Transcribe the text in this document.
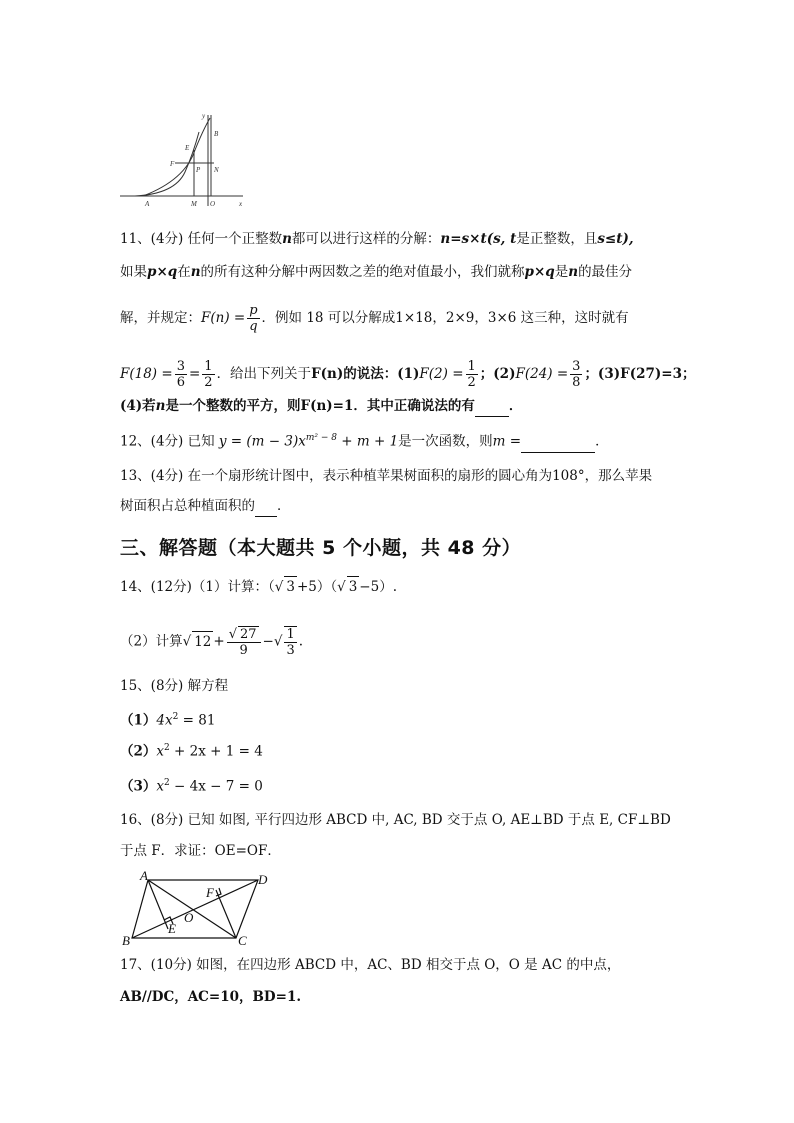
y
x
B
E
F
N
P
A	M O
11、(4分) 任何一个正整数n都可以进行这样的分解：n=s×t(s, t是正整数，且s≤t),
如果p×q在n的所有这种分解中两因数之差的绝对值最小，我们就称p×q是n的最佳分
解，并规定：$F(n) = \frac{p}{q}$ ．例如 18 可以分解成1×18，2×9，3×6 这三种，这时就有
$F(18) = \frac{3}{6} = \frac{1}{2}$ ．给出下列关于F(n)的说法：$(1)F(2) = \frac{1}{2}$ ；$(2)F(24) = \frac{3}{8}$ ；(3)F(27)=3；
(4)若n是一个整数的平方，则F(n)=1．其中正确说法的有	．
12、(4分) 已知 $y = (m - 3)x^{m^2 - 8} + m + 1$是一次函数，则m =	．
13、(4分) 在一个扇形统计图中，表示种植苹果树面积的扇形的圆心角为108°，那么苹果
树面积占总种植面积的 ．
三、解答题（本大题共 5 个小题，共 48 分）
14、(12分)（1）计算：（√ 3 +5）（√ 3 −5）.
（2）计算√ $12 + \frac{√ 27}{9}$ −√ $\frac{1}{3}$ .
15、(8分) 解方程
$(1)4x^2 = 81$
$(2)x^2 + 2x + 1 = 4$
$(3)x^2 - 4x - 7 = 0$
16、(8分) 已知 如图, 平行四边形 ABCD 中, AC, BD 交于点 O, AE⊥BD 于点 E, CF⊥BD
于点 F．求证：OE=OF．
A	D
B	C
E
F
O
17、(10分) 如图，在四边形 ABCD 中，AC、BD 相交于点 O，O 是 AC 的中点，
AB//DC，AC=10，BD=1.
